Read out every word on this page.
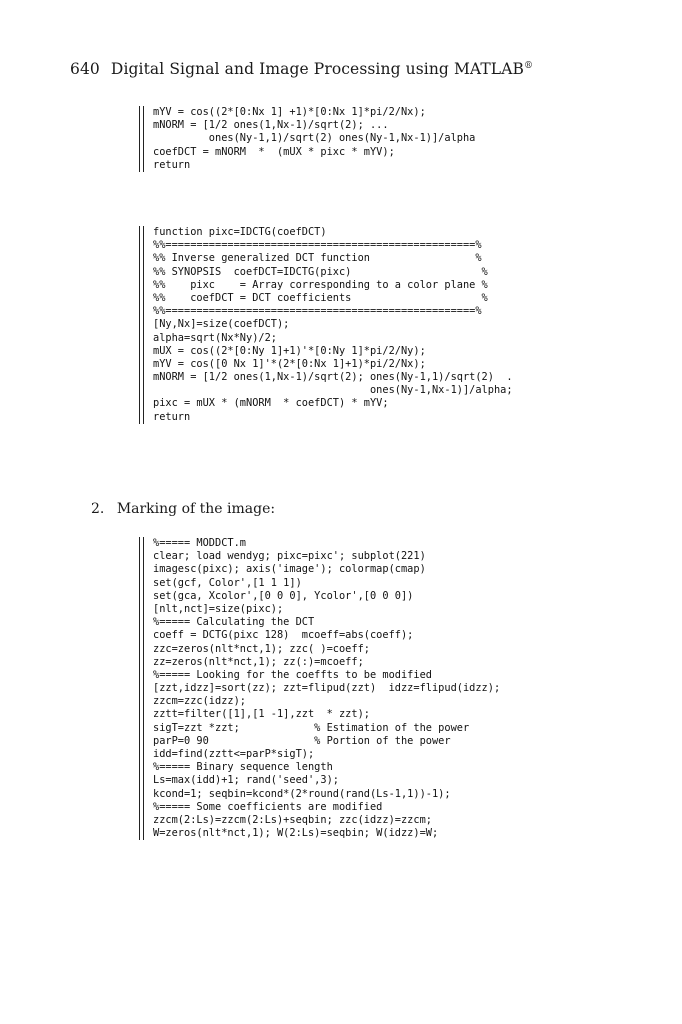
640 Digital Signal and Image Processing using MATLAB®
mYV = cos((2*[0:Nx 1] +1)*[0:Nx 1]*pi/2/Nx);
mNORM = [1/2 ones(1,Nx-1)/sqrt(2); ...
ones(Ny-1,1)/sqrt(2) ones(Ny-1,Nx-1)]/alpha
coefDCT = mNORM  *  (mUX * pixc * mYV);
return
function pixc=IDCTG(coefDCT)
%%==================================================%
%% Inverse generalized DCT function                 %
%% SYNOPSIS  coefDCT=IDCTG(pixc)                     %
%%    pixc    = Array corresponding to a color plane %
%%    coefDCT = DCT coefficients                     %
%%==================================================%
[Ny,Nx]=size(coefDCT);
alpha=sqrt(Nx*Ny)/2;
mUX = cos((2*[0:Ny 1]+1)'*[0:Ny 1]*pi/2/Ny);
mYV = cos([0 Nx 1]'*(2*[0:Nx 1]+1)*pi/2/Nx);
mNORM = [1/2 ones(1,Nx-1)/sqrt(2); ones(Ny-1,1)/sqrt(2)  .
ones(Ny-1,Nx-1)]/alpha;
pixc = mUX * (mNORM  * coefDCT) * mYV;
return
2. Marking of the image:
%===== MODDCT.m
clear; load wendyg; pixc=pixc'; subplot(221)
imagesc(pixc); axis('image'); colormap(cmap)
set(gcf, Color',[1 1 1])
set(gca, Xcolor',[0 0 0], Ycolor',[0 0 0])
[nlt,nct]=size(pixc);
%===== Calculating the DCT
coeff = DCTG(pixc 128)  mcoeff=abs(coeff);
zzc=zeros(nlt*nct,1); zzc( )=coeff;
zz=zeros(nlt*nct,1); zz(:)=mcoeff;
%===== Looking for the coeffts to be modified
[zzt,idzz]=sort(zz); zzt=flipud(zzt)  idzz=flipud(idzz);
zzcm=zzc(idzz);
zztt=filter([1],[1 -1],zzt  * zzt);
sigT=zzt *zzt;            % Estimation of the power
parP=0 90                 % Portion of the power
idd=find(zztt<=parP*sigT);
%===== Binary sequence length
Ls=max(idd)+1; rand('seed',3);
kcond=1; seqbin=kcond*(2*round(rand(Ls-1,1))-1);
%===== Some coefficients are modified
zzcm(2:Ls)=zzcm(2:Ls)+seqbin; zzc(idzz)=zzcm;
W=zeros(nlt*nct,1); W(2:Ls)=seqbin; W(idzz)=W;
